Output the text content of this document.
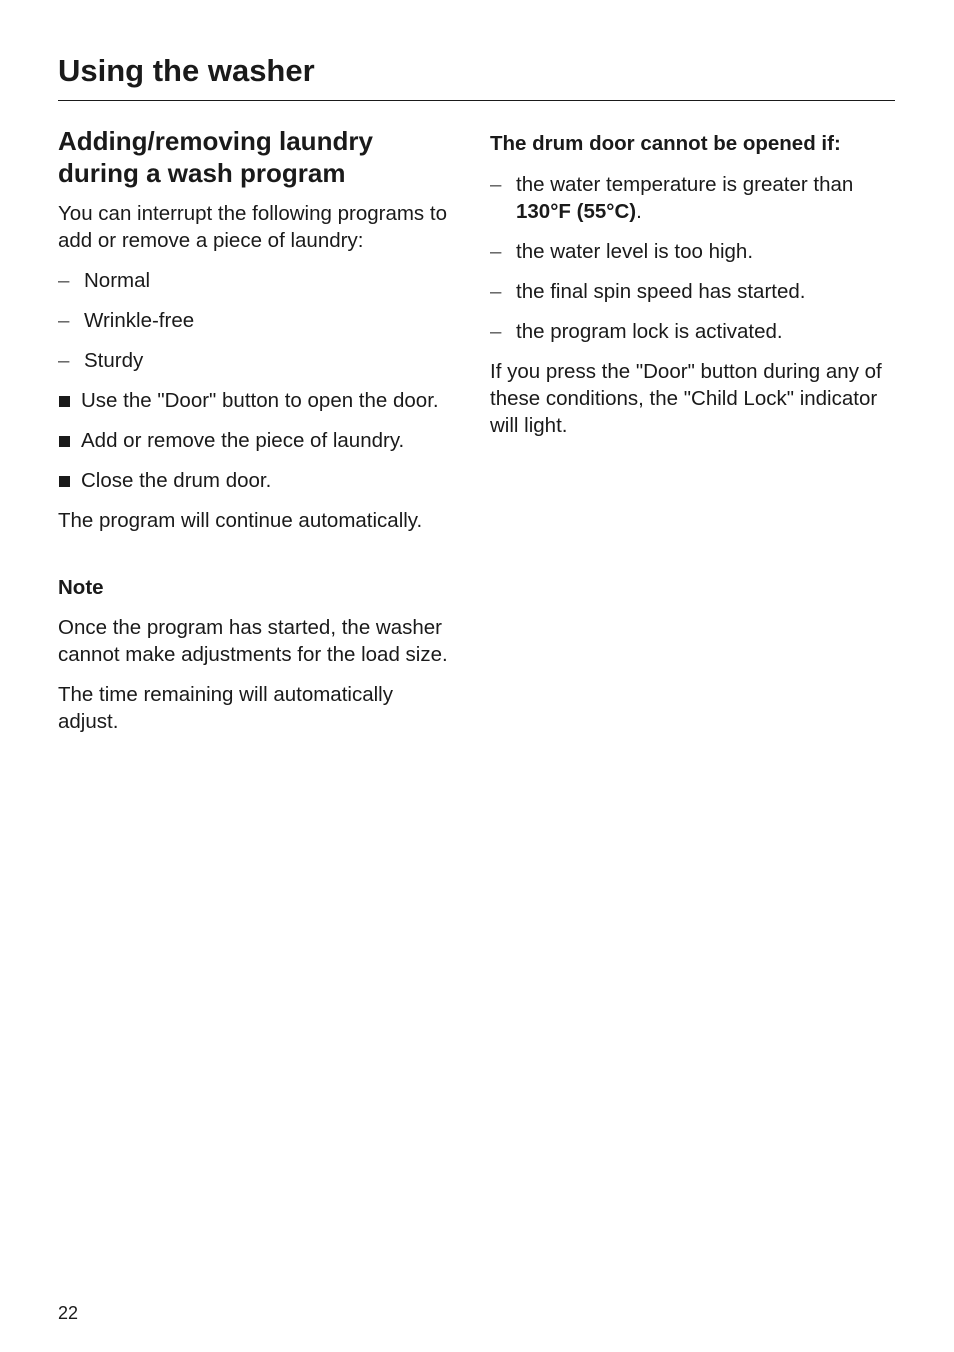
Using the washer
Adding/removing laundry
during a wash program

You can interrupt the following programs to add or remove a piece of laundry:

– Normal
– Wrinkle-free
– Sturdy
Use the "Door" button to open the door.
Add or remove the piece of laundry.
Close the drum door.

The program will continue automatically.

Note

Once the program has started, the washer cannot make adjustments for the load size.

The time remaining will automatically adjust.

The drum door cannot be opened if:

– the water temperature is greater than
130°F (55°C).
– the water level is too high.
– the final spin speed has started.
– the program lock is activated.

If you press the "Door" button during any of these conditions, the "Child Lock" indicator will light.

22
